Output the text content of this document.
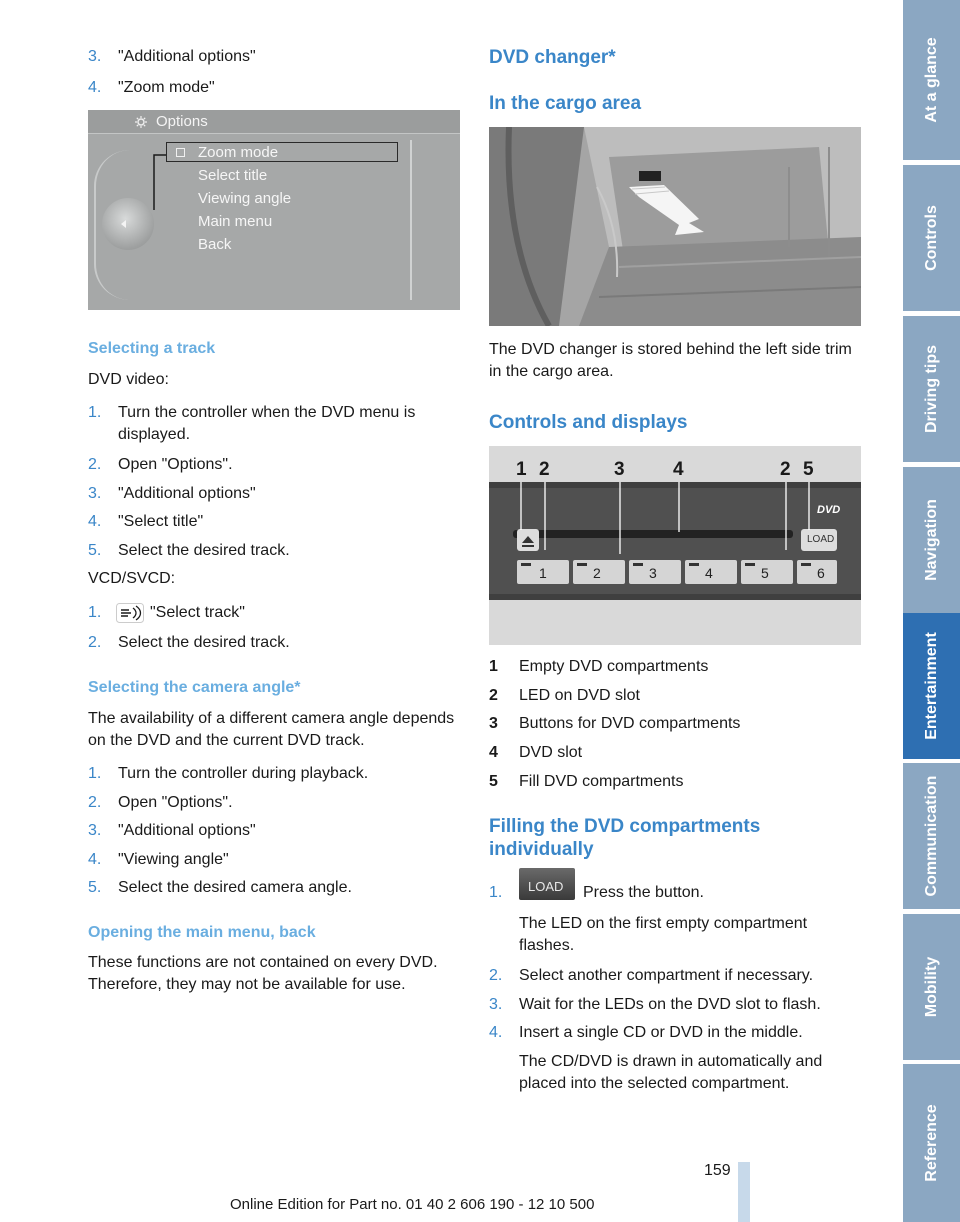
3.	"Additional options"
4.	"Zoom mode"
Options
Zoom mode
Select title
Viewing angle
Main menu
Back
Selecting a track
DVD video:
1.	Turn the controller when the DVD menu is displayed.
2.	Open "Options".
3.	"Additional options"
4.	"Select title"
5.	Select the desired track.
VCD/SVCD:
1.	"Select track"
2.	Select the desired track.
Selecting the camera angle*
The availability of a different camera angle depends on the DVD and the current DVD track.
1.	Turn the controller during playback.
2.	Open "Options".
3.	"Additional options"
4.	"Viewing angle"
5.	Select the desired camera angle.
Opening the main menu, back
These functions are not contained on every DVD. Therefore, they may not be available for use.
DVD changer*
In the cargo area
The DVD changer is stored behind the left side trim in the cargo area.
Controls and displays
LOAD
DVD
1 2	3	4	2 5
1	2	3	4	5	6
1	Empty DVD compartments
2	LED on DVD slot
3	Buttons for DVD compartments
4	DVD slot
5	Fill DVD compartments
Filling the DVD compartments
individually
1. LOAD	Press the button.
The LED on the first empty compartment flashes.
2.	Select another compartment if necessary.
3.	Wait for the LEDs on the DVD slot to flash.
4.	Insert a single CD or DVD in the middle.
The CD/DVD is drawn in automatically and placed into the selected compartment.
At a glance
Controls
Driving tips
Navigation
Entertainment
Communication
Mobility
Reference
159
Online Edition for Part no. 01 40 2 606 190 - 12 10 500
